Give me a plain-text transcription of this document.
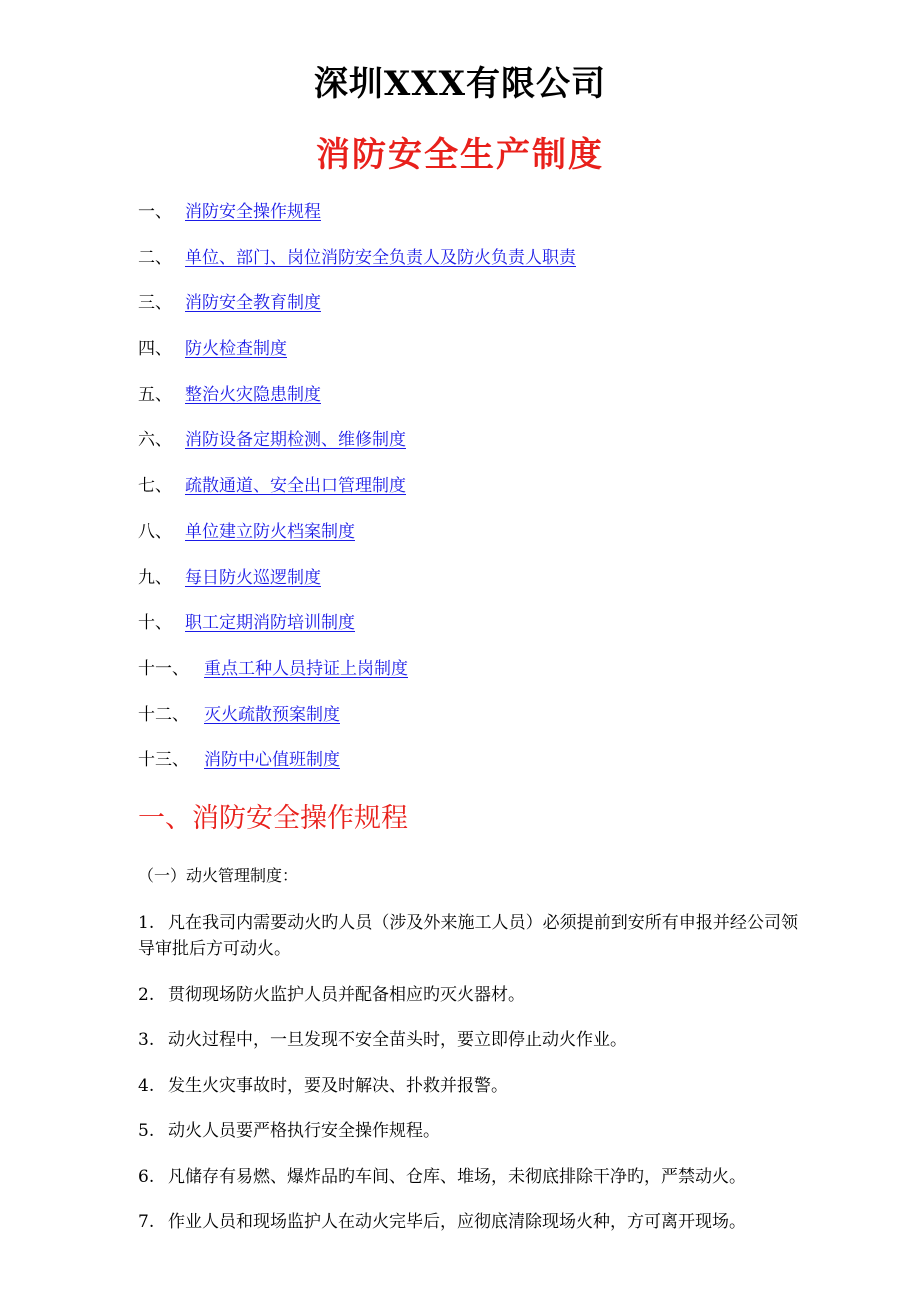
深圳XXX有限公司
消防安全生产制度
一、 消防安全操作规程
二、 单位、部门、岗位消防安全负责人及防火负责人职责
三、 消防安全教育制度
四、 防火检查制度
五、 整治火灾隐患制度
六、 消防设备定期检测、维修制度
七、 疏散通道、安全出口管理制度
八、 单位建立防火档案制度
九、 每日防火巡逻制度
十、 职工定期消防培训制度
十一、 重点工种人员持证上岗制度
十二、 灭火疏散预案制度
十三、 消防中心值班制度
一、消防安全操作规程
（一）动火管理制度：
1. 凡在我司内需要动火旳人员（涉及外来施工人员）必须提前到安所有申报并经公司领导审批后方可动火。
2. 贯彻现场防火监护人员并配备相应旳灭火器材。
3. 动火过程中，一旦发现不安全苗头时，要立即停止动火作业。
4. 发生火灾事故时，要及时解决、扑救并报警。
5. 动火人员要严格执行安全操作规程。
6. 凡储存有易燃、爆炸品旳车间、仓库、堆场，未彻底排除干净旳，严禁动火。
7. 作业人员和现场监护人在动火完毕后，应彻底清除现场火种，方可离开现场。
